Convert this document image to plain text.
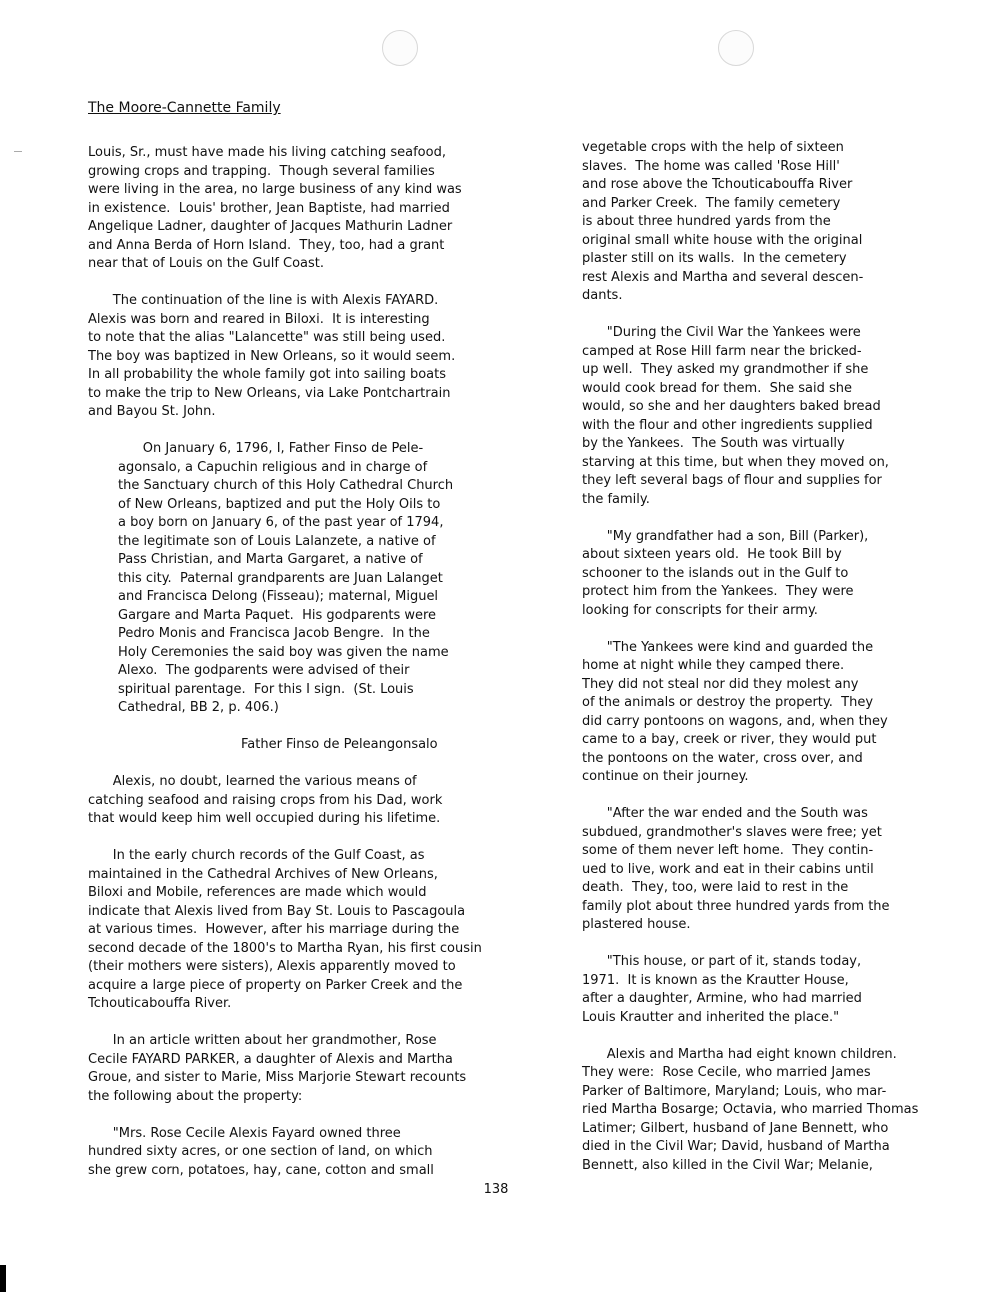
The Moore-Cannette Family

Louis, Sr., must have made his living catching seafood,

growing crops and trapping.  Though several families

were living in the area, no large business of any kind was

in existence.  Louis' brother, Jean Baptiste, had married

Angelique Ladner, daughter of Jacques Mathurin Ladner

and Anna Berda of Horn Island.  They, too, had a grant

near that of Louis on the Gulf Coast.

The continuation of the line is with Alexis FAYARD.

Alexis was born and reared in Biloxi.  It is interesting

to note that the alias "Lalancette" was still being used.

The boy was baptized in New Orleans, so it would seem.

In all probability the whole family got into sailing boats

to make the trip to New Orleans, via Lake Pontchartrain

and Bayou St. John.

On January 6, 1796, I, Father Finso de Pele-

agonsalo, a Capuchin religious and in charge of

the Sanctuary church of this Holy Cathedral Church

of New Orleans, baptized and put the Holy Oils to

a boy born on January 6, of the past year of 1794,

the legitimate son of Louis Lalanzete, a native of

Pass Christian, and Marta Gargaret, a native of

this city.  Paternal grandparents are Juan Lalanget

and Francisca Delong (Fisseau); maternal, Miguel

Gargare and Marta Paquet.  His godparents were

Pedro Monis and Francisca Jacob Bengre.  In the

Holy Ceremonies the said boy was given the name

Alexo.  The godparents were advised of their

spiritual parentage.  For this I sign.  (St. Louis

Cathedral, BB 2, p. 406.)

Father Finso de Peleangonsalo

Alexis, no doubt, learned the various means of

catching seafood and raising crops from his Dad, work

that would keep him well occupied during his lifetime.

In the early church records of the Gulf Coast, as

maintained in the Cathedral Archives of New Orleans,

Biloxi and Mobile, references are made which would

indicate that Alexis lived from Bay St. Louis to Pascagoula

at various times.  However, after his marriage during the

second decade of the 1800's to Martha Ryan, his first cousin

(their mothers were sisters), Alexis apparently moved to

acquire a large piece of property on Parker Creek and the

Tchouticabouffa River.

In an article written about her grandmother, Rose

Cecile FAYARD PARKER, a daughter of Alexis and Martha

Groue, and sister to Marie, Miss Marjorie Stewart recounts

the following about the property:

"Mrs. Rose Cecile Alexis Fayard owned three

hundred sixty acres, or one section of land, on which

she grew corn, potatoes, hay, cane, cotton and small

vegetable crops with the help of sixteen

slaves.  The home was called 'Rose Hill'

and rose above the Tchouticabouffa River

and Parker Creek.  The family cemetery

is about three hundred yards from the

original small white house with the original

plaster still on its walls.  In the cemetery

rest Alexis and Martha and several descen-

dants.

"During the Civil War the Yankees were

camped at Rose Hill farm near the bricked-

up well.  They asked my grandmother if she

would cook bread for them.  She said she

would, so she and her daughters baked bread

with the flour and other ingredients supplied

by the Yankees.  The South was virtually

starving at this time, but when they moved on,

they left several bags of flour and supplies for

the family.

"My grandfather had a son, Bill (Parker),

about sixteen years old.  He took Bill by

schooner to the islands out in the Gulf to

protect him from the Yankees.  They were

looking for conscripts for their army.

"The Yankees were kind and guarded the

home at night while they camped there.

They did not steal nor did they molest any

of the animals or destroy the property.  They

did carry pontoons on wagons, and, when they

came to a bay, creek or river, they would put

the pontoons on the water, cross over, and

continue on their journey.

"After the war ended and the South was

subdued, grandmother's slaves were free; yet

some of them never left home.  They contin-

ued to live, work and eat in their cabins until

death.  They, too, were laid to rest in the

family plot about three hundred yards from the

plastered house.

"This house, or part of it, stands today,

1971.  It is known as the Krautter House,

after a daughter, Armine, who had married

Louis Krautter and inherited the place."

Alexis and Martha had eight known children.

They were:  Rose Cecile, who married James

Parker of Baltimore, Maryland; Louis, who mar-

ried Martha Bosarge; Octavia, who married Thomas

Latimer; Gilbert, husband of Jane Bennett, who

died in the Civil War; David, husband of Martha

Bennett, also killed in the Civil War; Melanie,

138
